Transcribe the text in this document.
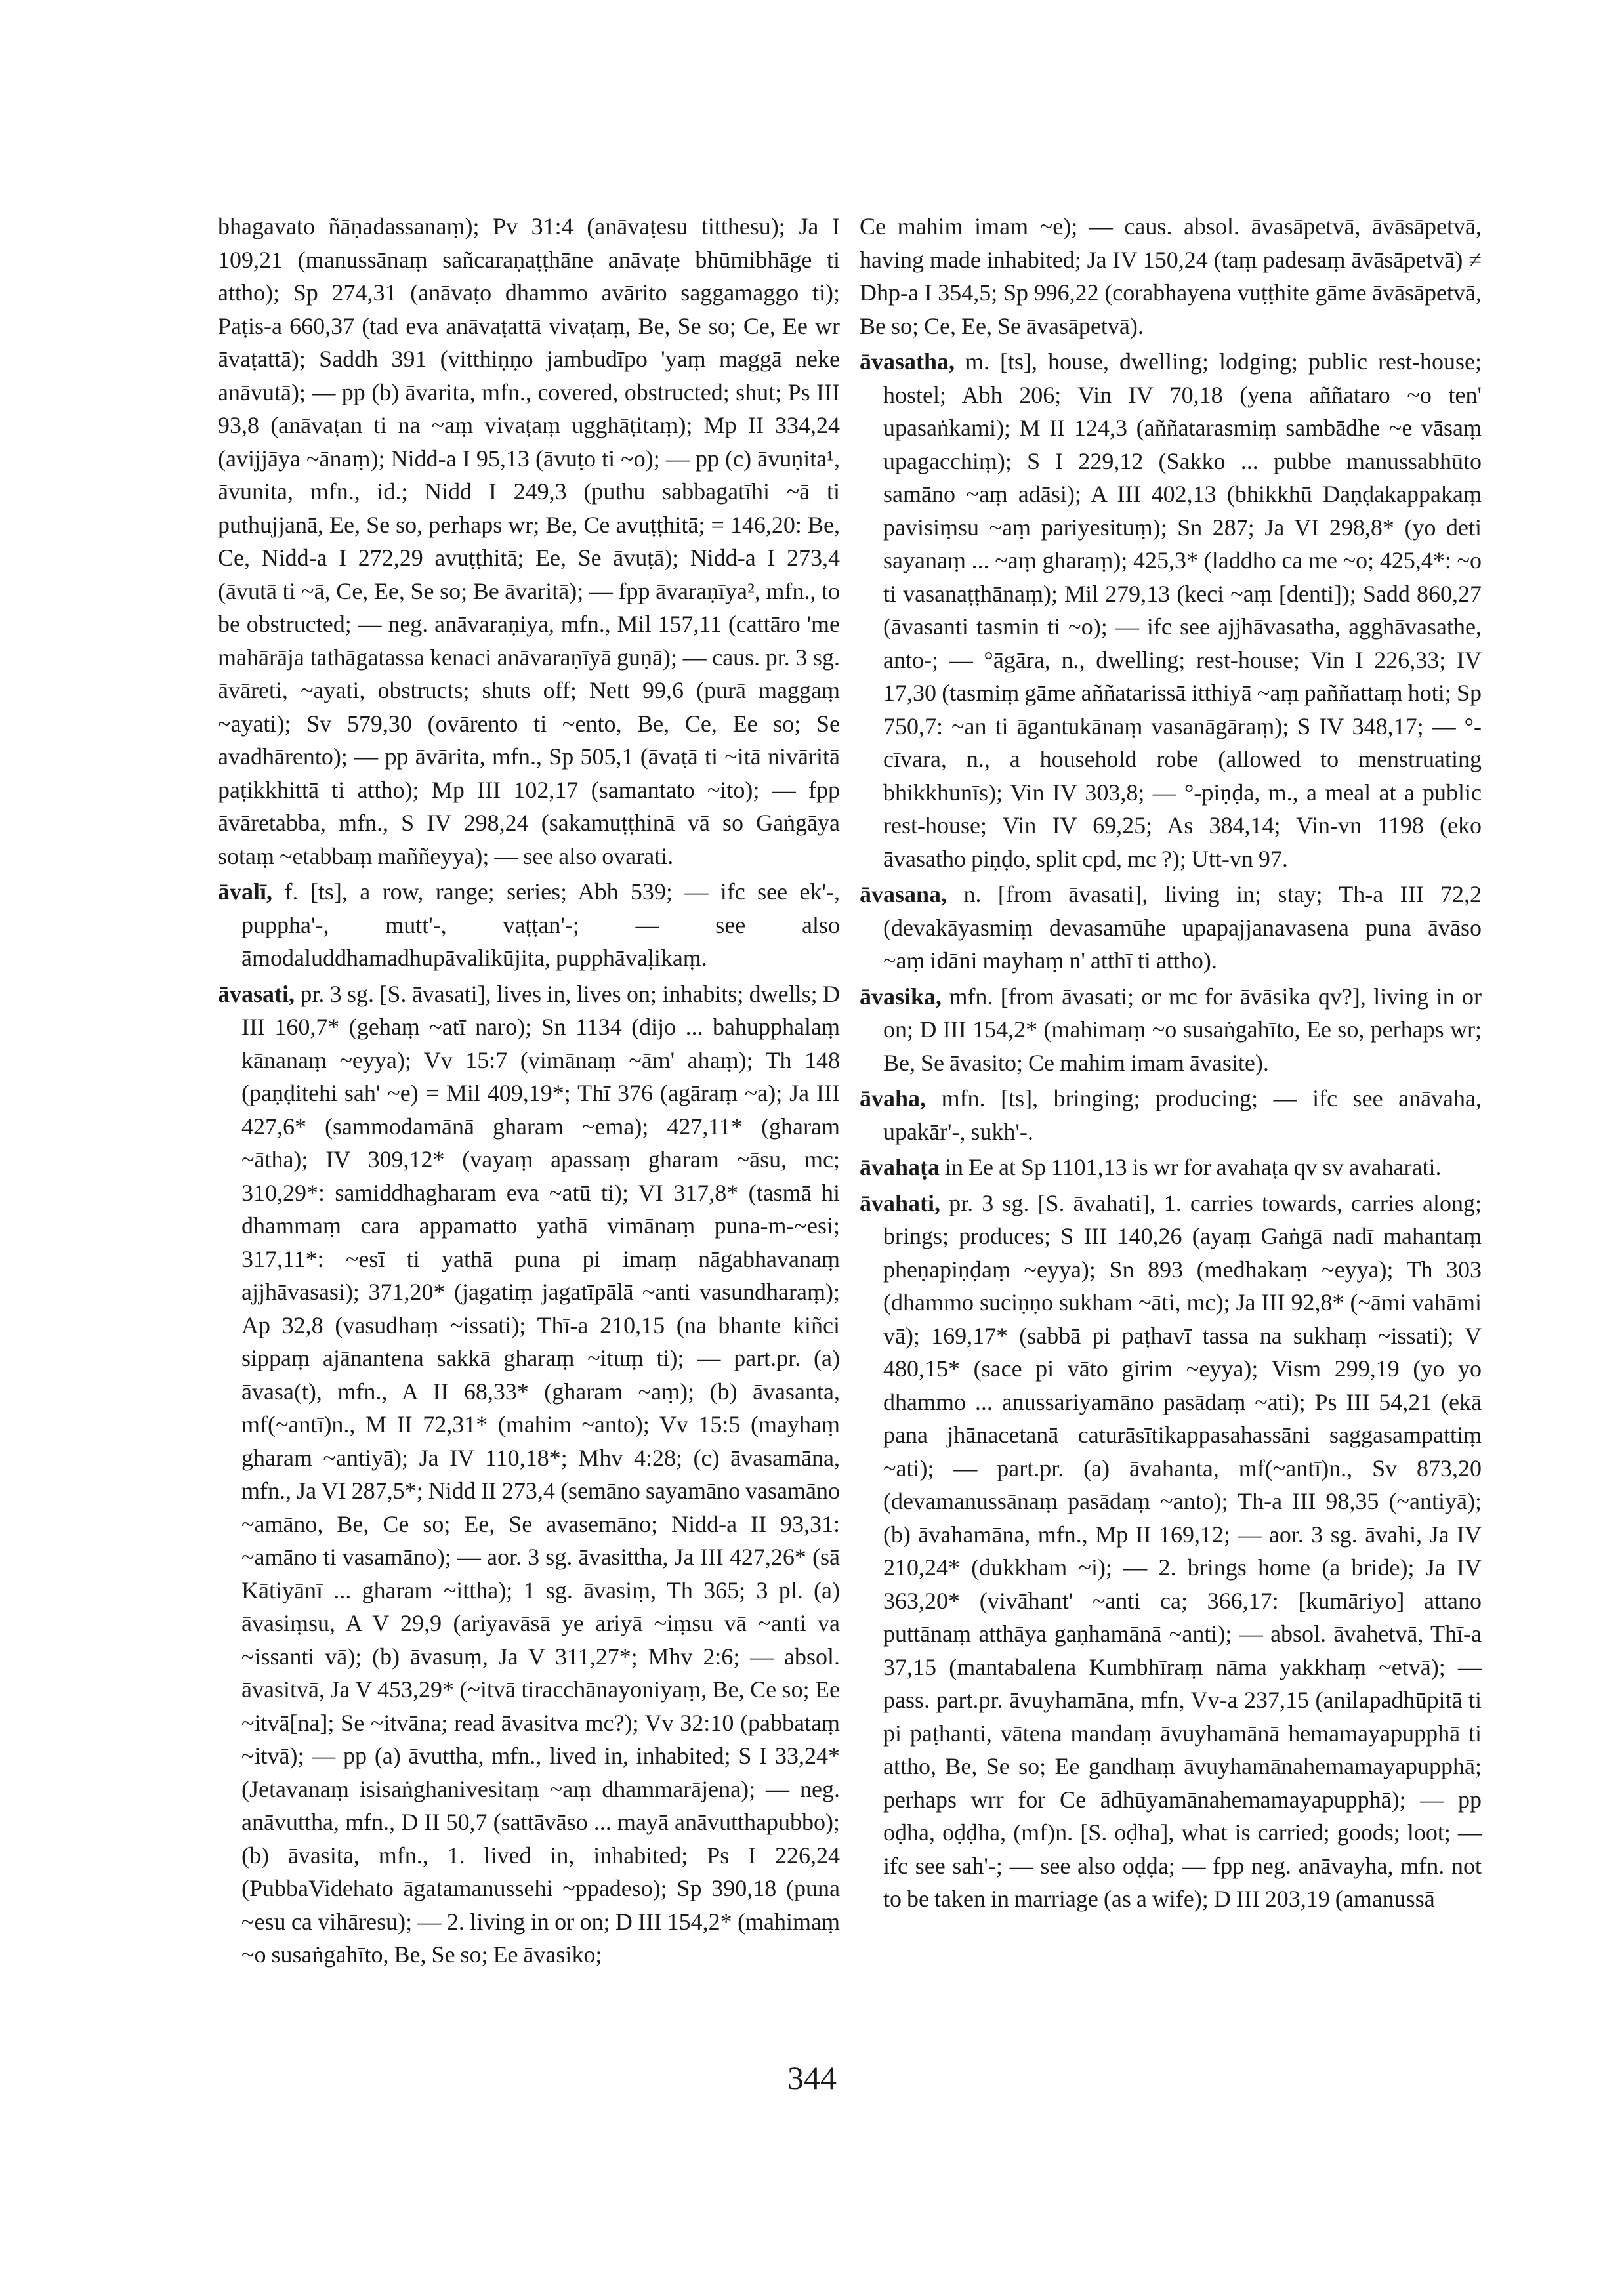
bhagavato ñāṇadassanaṃ); Pv 31:4 (anāvaṭesu titthesu); Ja I 109,21 (manussānaṃ sañcaraṇaṭṭhāne anāvaṭe bhūmibhāge ti attho); Sp 274,31 (anāvaṭo dhammo avārito saggamaggo ti); Paṭis-a 660,37 (tad eva anāvaṭattā vivaṭaṃ, Be, Se so; Ce, Ee wr āvaṭattā); Saddh 391 (vitthiṇṇo jambudīpo 'yaṃ maggā neke anāvutā); — pp (b) āvarita, mfn., covered, obstructed; shut; Ps III 93,8 (anāvaṭan ti na ~aṃ vivaṭaṃ ugghāṭitaṃ); Mp II 334,24 (avijjāya ~ānaṃ); Nidd-a I 95,13 (āvuṭo ti ~o); — pp (c) āvuṇita¹, āvunita, mfn., id.; Nidd I 249,3 (puthu sabbagatīhi ~ā ti puthujjanā, Ee, Se so, perhaps wr; Be, Ce avuṭṭhitā; = 146,20: Be, Ce, Nidd-a I 272,29 avuṭṭhitā; Ee, Se āvuṭā); Nidd-a I 273,4 (āvutā ti ~ā, Ce, Ee, Se so; Be āvaritā); — fpp āvaraṇīya², mfn., to be obstructed; — neg. anāvaraṇiya, mfn., Mil 157,11 (cattāro 'me mahārāja tathāgatassa kenaci anāvaraṇīyā guṇā); — caus. pr. 3 sg. āvāreti, ~ayati, obstructs; shuts off; Nett 99,6 (purā maggaṃ ~ayati); Sv 579,30 (ovārento ti ~ento, Be, Ce, Ee so; Se avadhārento); — pp āvārita, mfn., Sp 505,1 (āvaṭā ti ~itā nivāritā paṭikkhittā ti attho); Mp III 102,17 (samantato ~ito); — fpp āvāretabba, mfn., S IV 298,24 (sakamuṭṭhinā vā so Gaṅgāya sotaṃ ~etabbaṃ maññeyya); — see also ovarati.

āvalī, f. [ts], a row, range; series; Abh 539; — ifc see ek'-, puppha'-, mutt'-, vaṭṭan'-; — see also āmodaluddhamadhupāvalikūjita, pupphāvaḷikaṃ.

āvasati, pr. 3 sg. [S. āvasati], lives in, lives on; inhabits; dwells; D III 160,7* (gehaṃ ~atī naro); Sn 1134 (dijo ... bahupphalaṃ kānanaṃ ~eyya); Vv 15:7 (vimānaṃ ~ām' ahaṃ); Th 148 (paṇḍitehi sah' ~e) = Mil 409,19*; Thī 376 (agāraṃ ~a); Ja III 427,6* (sammodamānā gharam ~ema); 427,11* (gharam ~ātha); IV 309,12* (vayaṃ apassaṃ gharam ~āsu, mc; 310,29*: samiddhagharam eva ~atū ti); VI 317,8* (tasmā hi dhammaṃ cara appamatto yathā vimānaṃ puna-m-~esi; 317,11*: ~esī ti yathā puna pi imaṃ nāgabhavanaṃ ajjhāvasasi); 371,20* (jagatiṃ jagatīpālā ~anti vasundharaṃ); Ap 32,8 (vasudhaṃ ~issati); Thī-a 210,15 (na bhante kiñci sippaṃ ajānantena sakkā gharaṃ ~ituṃ ti); — part.pr. (a) āvasa(t), mfn., A II 68,33* (gharam ~aṃ); (b) āvasanta, mf(~antī)n., M II 72,31* (mahim ~anto); Vv 15:5 (mayhaṃ gharam ~antiyā); Ja IV 110,18*; Mhv 4:28; (c) āvasamāna, mfn., Ja VI 287,5*; Nidd II 273,4 (semāno sayamāno vasamāno ~amāno, Be, Ce so; Ee, Se avasemāno; Nidd-a II 93,31: ~amāno ti vasamāno); — aor. 3 sg. āvasittha, Ja III 427,26* (sā Kātiyānī ... gharam ~ittha); 1 sg. āvasiṃ, Th 365; 3 pl. (a) āvasiṃsu, A V 29,9 (ariyavāsā ye ariyā ~iṃsu vā ~anti va ~issanti vā); (b) āvasuṃ, Ja V 311,27*; Mhv 2:6; — absol. āvasitvā, Ja V 453,29* (~itvā tiracchānayoniyaṃ, Be, Ce so; Ee ~itvā[na]; Se ~itvāna; read āvasitva mc?); Vv 32:10 (pabbataṃ ~itvā); — pp (a) āvuttha, mfn., lived in, inhabited; S I 33,24* (Jetavanaṃ isisaṅghanivesitaṃ ~aṃ dhammarājena); — neg. anāvuttha, mfn., D II 50,7 (sattāvāso ... mayā anāvutthapubbo); (b) āvasita, mfn., 1. lived in, inhabited; Ps I 226,24 (PubbaVidehato āgatamanussehi ~ppadeso); Sp 390,18 (puna ~esu ca vihāresu); — 2. living in or on; D III 154,2* (mahimaṃ ~o susaṅgahīto, Be, Se so; Ee āvasiko;

Ce mahim imam ~e); — caus. absol. āvasāpetvā, āvāsāpetvā, having made inhabited; Ja IV 150,24 (taṃ padesaṃ āvāsāpetvā) ≠ Dhp-a I 354,5; Sp 996,22 (corabhayena vuṭṭhite gāme āvāsāpetvā, Be so; Ce, Ee, Se āvasāpetvā).

āvasatha, m. [ts], house, dwelling; lodging; public rest-house; hostel; Abh 206; Vin IV 70,18 (yena aññataro ~o ten' upasaṅkami); M II 124,3 (aññatarasmiṃ sambādhe ~e vāsaṃ upagacchiṃ); S I 229,12 (Sakko ... pubbe manussabhūto samāno ~aṃ adāsi); A III 402,13 (bhikkhū Daṇḍakappakaṃ pavisiṃsu ~aṃ pariyesituṃ); Sn 287; Ja VI 298,8* (yo deti sayanaṃ ... ~aṃ gharaṃ); 425,3* (laddho ca me ~o; 425,4*: ~o ti vasanaṭṭhānaṃ); Mil 279,13 (keci ~aṃ [denti]); Sadd 860,27 (āvasanti tasmin ti ~o); — ifc see ajjhāvasatha, agghāvasathe, anto-; — °āgāra, n., dwelling; rest-house; Vin I 226,33; IV 17,30 (tasmiṃ gāme aññatarissā itthiyā ~aṃ paññattaṃ hoti; Sp 750,7: ~an ti āgantukānaṃ vasanāgāraṃ); S IV 348,17; — °-cīvara, n., a household robe (allowed to menstruating bhikkhunīs); Vin IV 303,8; — °-piṇḍa, m., a meal at a public rest-house; Vin IV 69,25; As 384,14; Vin-vn 1198 (eko āvasatho piṇḍo, split cpd, mc ?); Utt-vn 97.

āvasana, n. [from āvasati], living in; stay; Th-a III 72,2 (devakāyasmiṃ devasamūhe upapajjanavasena puna āvāso ~aṃ idāni mayhaṃ n' atthī ti attho).

āvasika, mfn. [from āvasati; or mc for āvāsika qv?], living in or on; D III 154,2* (mahimaṃ ~o susaṅgahīto, Ee so, perhaps wr; Be, Se āvasito; Ce mahim imam āvasite).

āvaha, mfn. [ts], bringing; producing; — ifc see anāvaha, upakār'-, sukh'-.

āvahaṭa in Ee at Sp 1101,13 is wr for avahaṭa qv sv avaharati.

āvahati, pr. 3 sg. [S. āvahati], 1. carries towards, carries along; brings; produces; S III 140,26 (ayaṃ Gaṅgā nadī mahantaṃ pheṇapiṇḍaṃ ~eyya); Sn 893 (medhakaṃ ~eyya); Th 303 (dhammo suciṇṇo sukham ~āti, mc); Ja III 92,8* (~āmi vahāmi vā); 169,17* (sabbā pi paṭhavī tassa na sukhaṃ ~issati); V 480,15* (sace pi vāto girim ~eyya); Vism 299,19 (yo yo dhammo ... anussariyamāno pasādaṃ ~ati); Ps III 54,21 (ekā pana jhānacetanā caturāsītikappasahassāni saggasampattiṃ ~ati); — part.pr. (a) āvahanta, mf(~antī)n., Sv 873,20 (devamanussānaṃ pasādaṃ ~anto); Th-a III 98,35 (~antiyā); (b) āvahamāna, mfn., Mp II 169,12; — aor. 3 sg. āvahi, Ja IV 210,24* (dukkham ~i); — 2. brings home (a bride); Ja IV 363,20* (vivāhant' ~anti ca; 366,17: [kumāriyo] attano puttānaṃ atthāya gaṇhamānā ~anti); — absol. āvahetvā, Thī-a 37,15 (mantabalena Kumbhīraṃ nāma yakkhaṃ ~etvā); — pass. part.pr. āvuyhamāna, mfn, Vv-a 237,15 (anilapadhūpitā ti pi paṭhanti, vātena mandaṃ āvuyhamānā hemamayapupphā ti attho, Be, Se so; Ee gandhaṃ āvuyhamānahemamayapupphā; perhaps wrr for Ce ādhūyamānahemamayapupphā); — pp oḍha, oḍḍha, (mf)n. [S. oḍha], what is carried; goods; loot; — ifc see sah'-; — see also oḍḍa; — fpp neg. anāvayha, mfn. not to be taken in marriage (as a wife); D III 203,19 (amanussā

344
